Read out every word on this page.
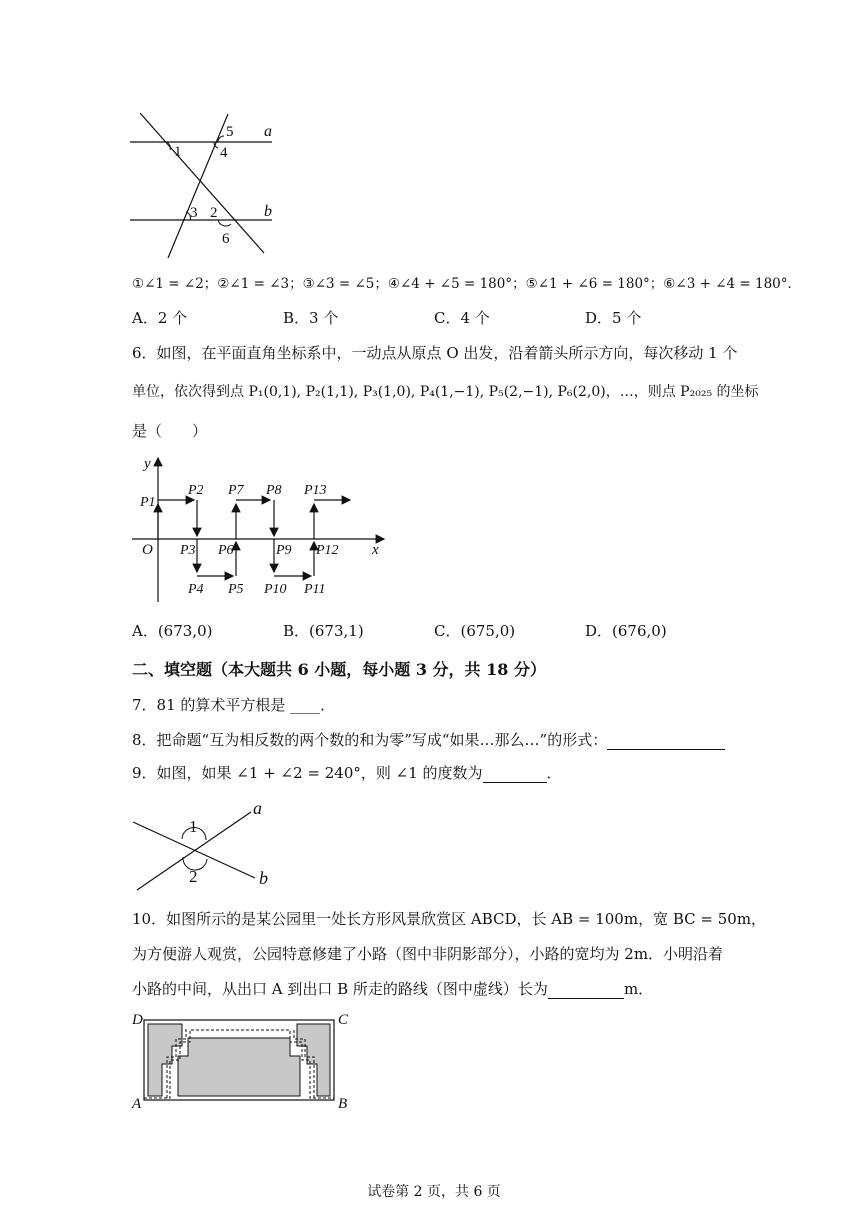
1
5
4
2
3
6
a
b
①∠1 = ∠2；②∠1 = ∠3；③∠3 = ∠5；④∠4 + ∠5 = 180°；⑤∠1 + ∠6 = 180°；⑥∠3 + ∠4 = 180°．
A．2 个	B．3 个	C．4 个	D．5 个
6．如图，在平面直角坐标系中，一动点从原点 O 出发，沿着箭头所示方向，每次移动 1 个
单位，依次得到点 P₁(0,1), P₂(1,1), P₃(1,0), P₄(1,−1), P₅(2,−1), P₆(2,0)，…，则点 P₂₀₂₅ 的坐标
是（　　）
y
x
O
P1
P2 P7 P8 P13
P3 P6	P9 P12
P4 P5 P10 P11
A．(673,0)	B．(673,1)	C．(675,0)	D．(676,0)
二、填空题（本大题共 6 小题，每小题 3 分，共 18 分）
7．81 的算术平方根是 ____．
8．把命题“互为相反数的两个数的和为零”写成“如果…那么…”的形式：
9．如图，如果 ∠1 + ∠2 = 240°，则 ∠1 的度数为	．
1
2
a
b
10．如图所示的是某公园里一处长方形风景欣赏区 ABCD，长 AB = 100m，宽 BC = 50m，
为方便游人观赏，公园特意修建了小路（图中非阴影部分），小路的宽均为 2m．小明沿着
小路的中间，从出口 A 到出口 B 所走的路线（图中虚线）长为	m．
D	C
A	B
试卷第 2 页，共 6 页
